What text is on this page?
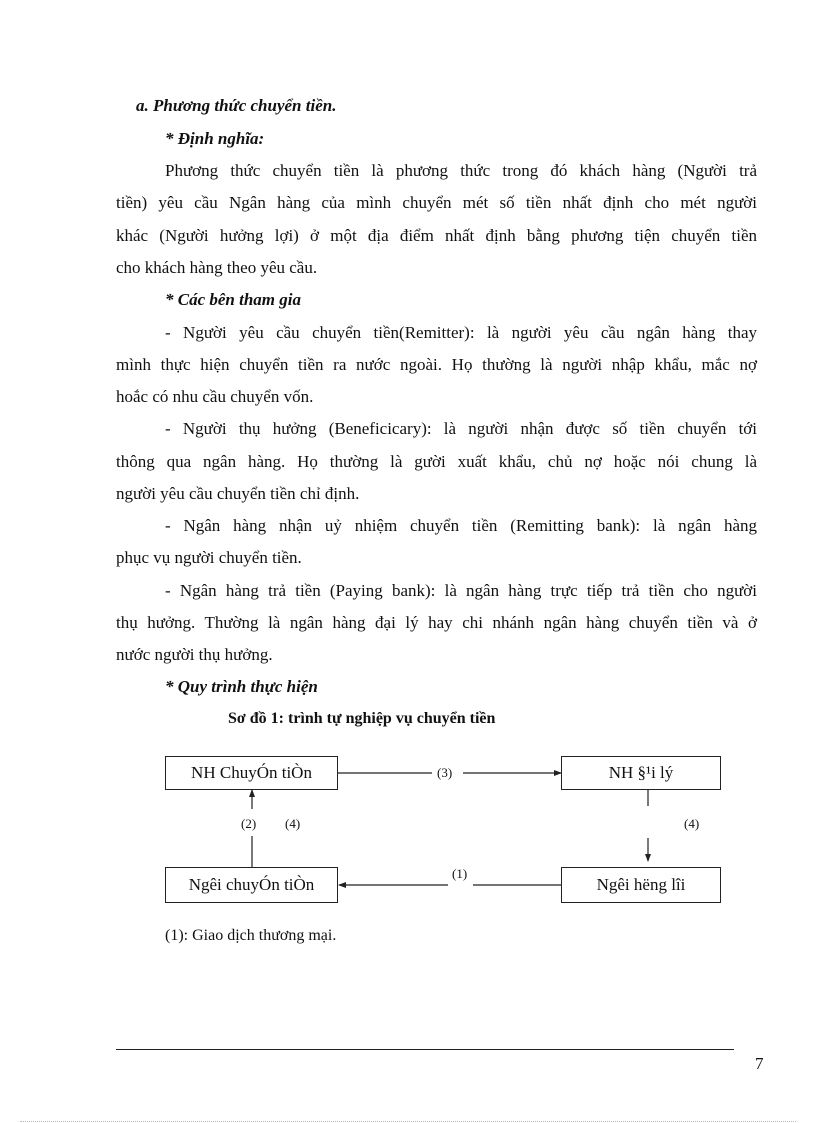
a. Phương thức chuyển tiền.
* Định nghĩa:
Phương thức chuyển tiền là phương thức trong đó khách hàng (Người trả
tiền) yêu cầu Ngân hàng của mình chuyển mét số tiền nhất định cho mét người
khác (Người hưởng lợi) ở một địa điểm nhất định bằng phương tiện chuyển tiền
cho khách hàng theo yêu cầu.
* Các bên tham gia
- Người yêu cầu chuyển tiền(Remitter): là người yêu cầu ngân hàng thay
mình thực hiện chuyển tiền ra nước ngoài. Họ thường là người nhập khẩu, mắc nợ
hoắc có nhu cầu chuyển vốn.
- Người thụ hưởng (Beneficicary): là người nhận được số tiền chuyển tới
thông qua ngân hàng. Họ thường là gười xuất khẩu, chủ nợ hoặc nói chung là
người yêu cầu chuyển tiền chỉ định.
- Ngân hàng nhận uỷ nhiệm chuyển tiền (Remitting bank): là ngân hàng
phục vụ người chuyển tiền.
- Ngân hàng trả tiền (Paying bank): là ngân hàng trực tiếp trả tiền cho người
thụ hưởng. Thường là ngân hàng đại lý hay chi nhánh ngân hàng chuyển tiền và ở
nước người thụ hưởng.
* Quy trình thực hiện
Sơ đồ 1: trình tự nghiệp vụ chuyển tiền
NH ChuyÓn tiÒn	NH §¹i lý
Ngêi chuyÓn tiÒn	Ngêi hëng lîi
(3)
(2) (4)	(4)
(1)
(1): Giao dịch thương mại.
7
